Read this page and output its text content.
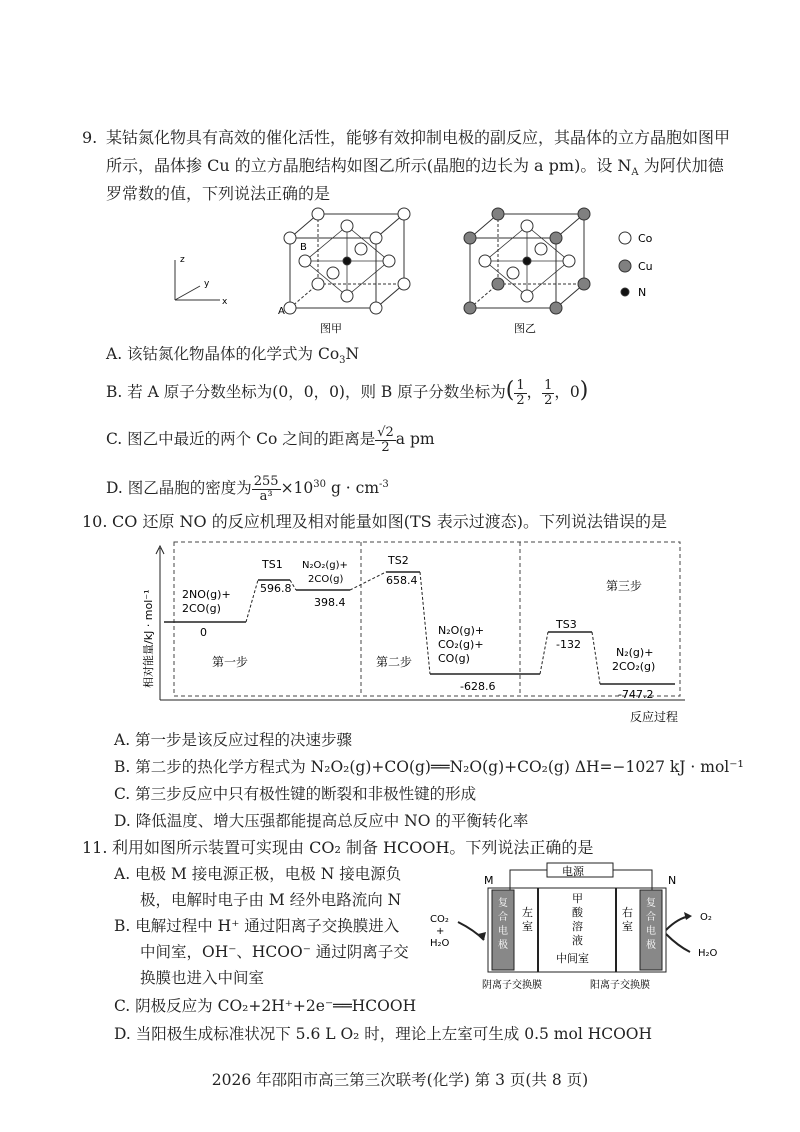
9. 某钴氮化物具有高效的催化活性，能够有效抑制电极的副反应，其晶体的立方晶胞如图甲
所示，晶体掺 Cu 的立方晶胞结构如图乙所示(晶胞的边长为 a pm)。设 $N_A$ 为阿伏加德
罗常数的值，下列说法正确的是
z
y
x
B
A
图甲	图乙
Co
Cu
N
A. 该钴氮化物晶体的化学式为 $Co_3N$
B. 若 A 原子分数坐标为(0，0，0)，则 B 原子分数坐标为( $\frac{1}{2}$ ， $\frac{1}{2}$ ，0)
C. 图乙中最近的两个 Co 之间的距离是 $\frac{√2}{2}$ a pm
D. 图乙晶胞的密度为 $\frac{255}{\text{a³}} \times 10^{30}$ $g \cdot cm^{-3}$
10. CO 还原 NO 的反应机理及相对能量如图(TS 表示过渡态)。下列说法错误的是
相对能量/kJ · mol⁻¹
反应过程
2NO(g)+
2CO(g)
0
TS1
596.8
N₂O₂(g)+
2CO(g)
398.4
TS2
658.4
N₂O(g)+
CO₂(g)+
CO(g)
-628.6
TS3
-132
N₂(g)+
2CO₂(g)
-747.2
第一步	第二步
第三步
A. 第一步是该反应过程的决速步骤
B. 第二步的热化学方程式为 N₂O₂(g)+CO(g)══N₂O(g)+CO₂(g) ΔH=−1027 kJ · mol⁻¹
C. 第三步反应中只有极性键的断裂和非极性键的形成
D. 降低温度、增大压强都能提高总反应中 NO 的平衡转化率
11. 利用如图所示装置可实现由 CO₂ 制备 HCOOH。下列说法正确的是
A. 电极 M 接电源正极，电极 N 接电源负
极，电解时电子由 M 经外电路流向 N
B. 电解过程中 H⁺ 通过阳离子交换膜进入
中间室，OH⁻、HCOO⁻ 通过阴离子交
换膜也进入中间室
C. 阴极反应为 CO₂+2H⁺+2e⁻══HCOOH
D. 当阳极生成标准状况下 5.6 L O₂ 时，理论上左室可生成 0.5 mol HCOOH
电源
M	N
复合电极
复合电极
左室
右室
甲酸溶液
中间室
阴离子交换膜	阳离子交换膜
CO₂
+
H₂O
O₂
H₂O
2026 年邵阳市高三第三次联考(化学) 第 3 页(共 8 页)
